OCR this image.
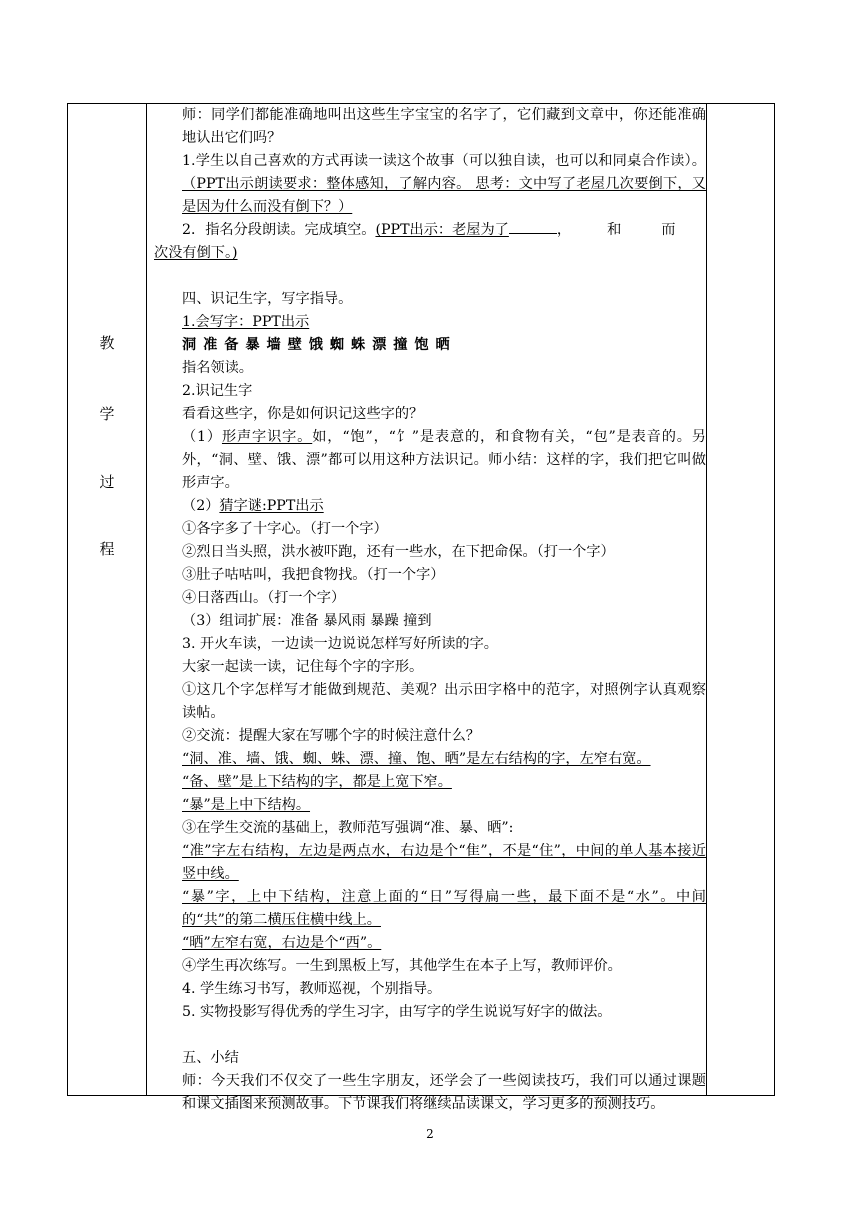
教
学
过
程

师：同学们都能准确地叫出这些生字宝宝的名字了，它们藏到文章中，你还能准确地认出它们吗？

1.学生以自己喜欢的方式再读一读这个故事（可以独自读，也可以和同桌合作读）。（PPT出示朗读要求：整体感知，了解内容。 思考：文中写了老屋几次要倒下，又是因为什么而没有倒下？）

2．指名分段朗读。完成填空。(PPT出示：老屋为了	，	和	而

次没有倒下。)

四、识记生字，写字指导。

1.会写字：PPT出示

洞 准 备 暴 墙 壁 饿 蜘 蛛 漂 撞 饱 晒

指名领读。

2.识记生字

看看这些字，你是如何识记这些字的？

（1）形声字识字。如，“饱”，“饣”是表意的，和食物有关，“包”是表音的。另外，“洞、壁、饿、漂”都可以用这种方法识记。师小结：这样的字，我们把它叫做形声字。

（2）猜字谜:PPT出示

①各字多了十字心。（打一个字）

②烈日当头照，洪水被吓跑，还有一些水，在下把命保。（打一个字）

③肚子咕咕叫，我把食物找。（打一个字）

④日落西山。（打一个字）

（3）组词扩展：准备 暴风雨 暴躁 撞到

3. 开火车读，一边读一边说说怎样写好所读的字。

大家一起读一读，记住每个字的字形。

①这几个字怎样写才能做到规范、美观？出示田字格中的范字，对照例字认真观察读帖。

②交流：提醒大家在写哪个字的时候注意什么？

“洞、准、墙、饿、蜘、蛛、漂、撞、饱、晒”是左右结构的字，左窄右宽。

“备、壁”是上下结构的字，都是上宽下窄。

“暴”是上中下结构。

③在学生交流的基础上，教师范写强调“准、暴、晒”:

“准”字左右结构，左边是两点水，右边是个“隹”，不是“住”，中间的单人基本接近竖中线。

“暴”字，上中下结构，注意上面的“日”写得扁一些，最下面不是“水”。中间的“共”的第二横压住横中线上。

“晒”左窄右宽，右边是个“西”。

④学生再次练写。一生到黑板上写，其他学生在本子上写，教师评价。

4. 学生练习书写，教师巡视，个别指导。

5. 实物投影写得优秀的学生习字，由写字的学生说说写好字的做法。

五、小结

师：今天我们不仅交了一些生字朋友，还学会了一些阅读技巧，我们可以通过课题和课文插图来预测故事。下节课我们将继续品读课文，学习更多的预测技巧。

2
